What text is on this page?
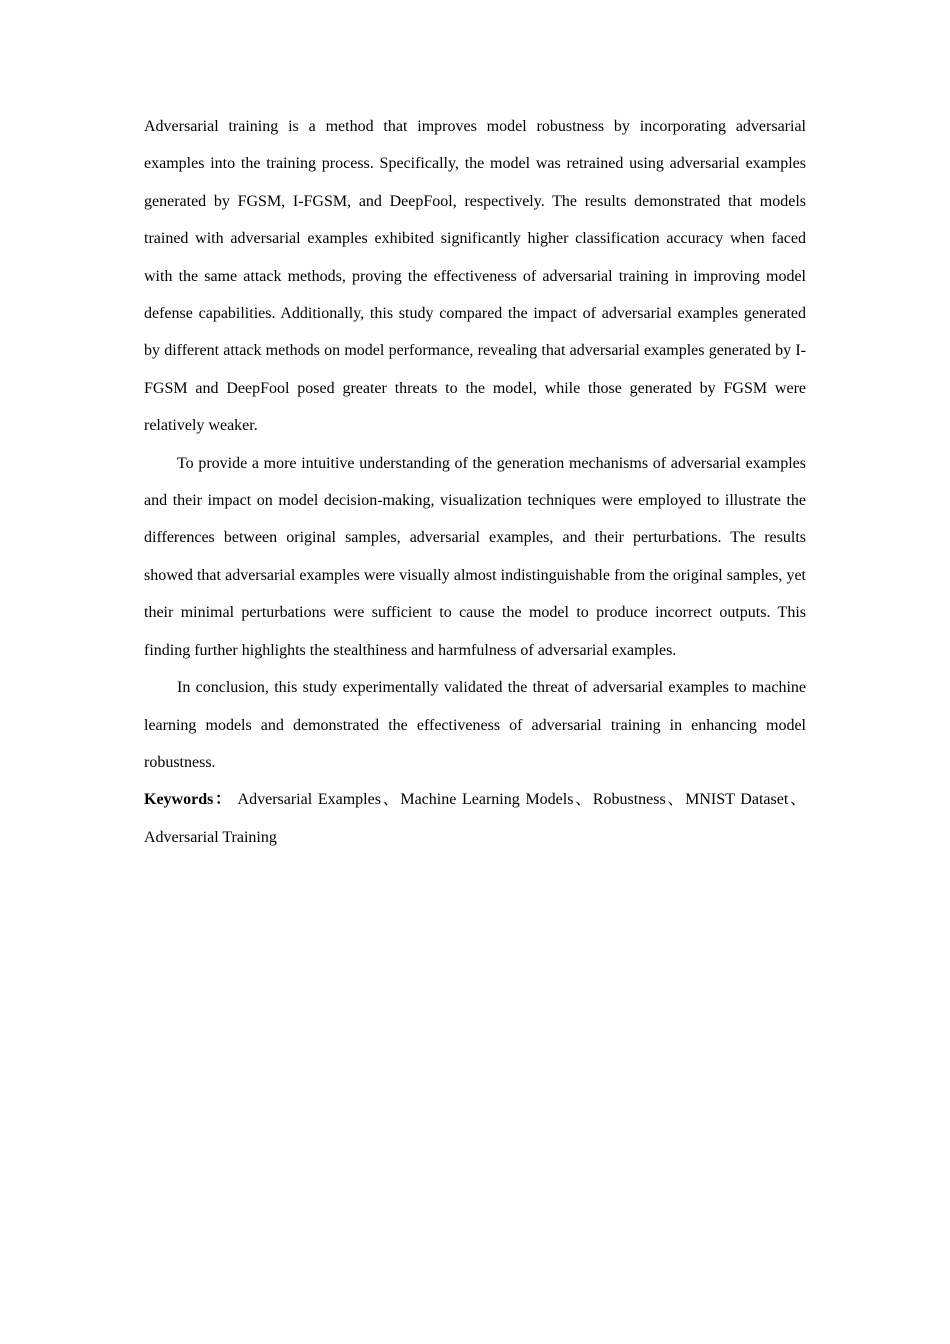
Adversarial training is a method that improves model robustness by incorporating adversarial examples into the training process. Specifically, the model was retrained using adversarial examples generated by FGSM, I-FGSM, and DeepFool, respectively. The results demonstrated that models trained with adversarial examples exhibited significantly higher classification accuracy when faced with the same attack methods, proving the effectiveness of adversarial training in improving model defense capabilities. Additionally, this study compared the impact of adversarial examples generated by different attack methods on model performance, revealing that adversarial examples generated by I-FGSM and DeepFool posed greater threats to the model, while those generated by FGSM were relatively weaker.

To provide a more intuitive understanding of the generation mechanisms of adversarial examples and their impact on model decision-making, visualization techniques were employed to illustrate the differences between original samples, adversarial examples, and their perturbations. The results showed that adversarial examples were visually almost indistinguishable from the original samples, yet their minimal perturbations were sufficient to cause the model to produce incorrect outputs. This finding further highlights the stealthiness and harmfulness of adversarial examples.

In conclusion, this study experimentally validated the threat of adversarial examples to machine learning models and demonstrated the effectiveness of adversarial training in enhancing model robustness.

Keywords： Adversarial Examples、Machine Learning Models、Robustness、MNIST Dataset、Adversarial Training
